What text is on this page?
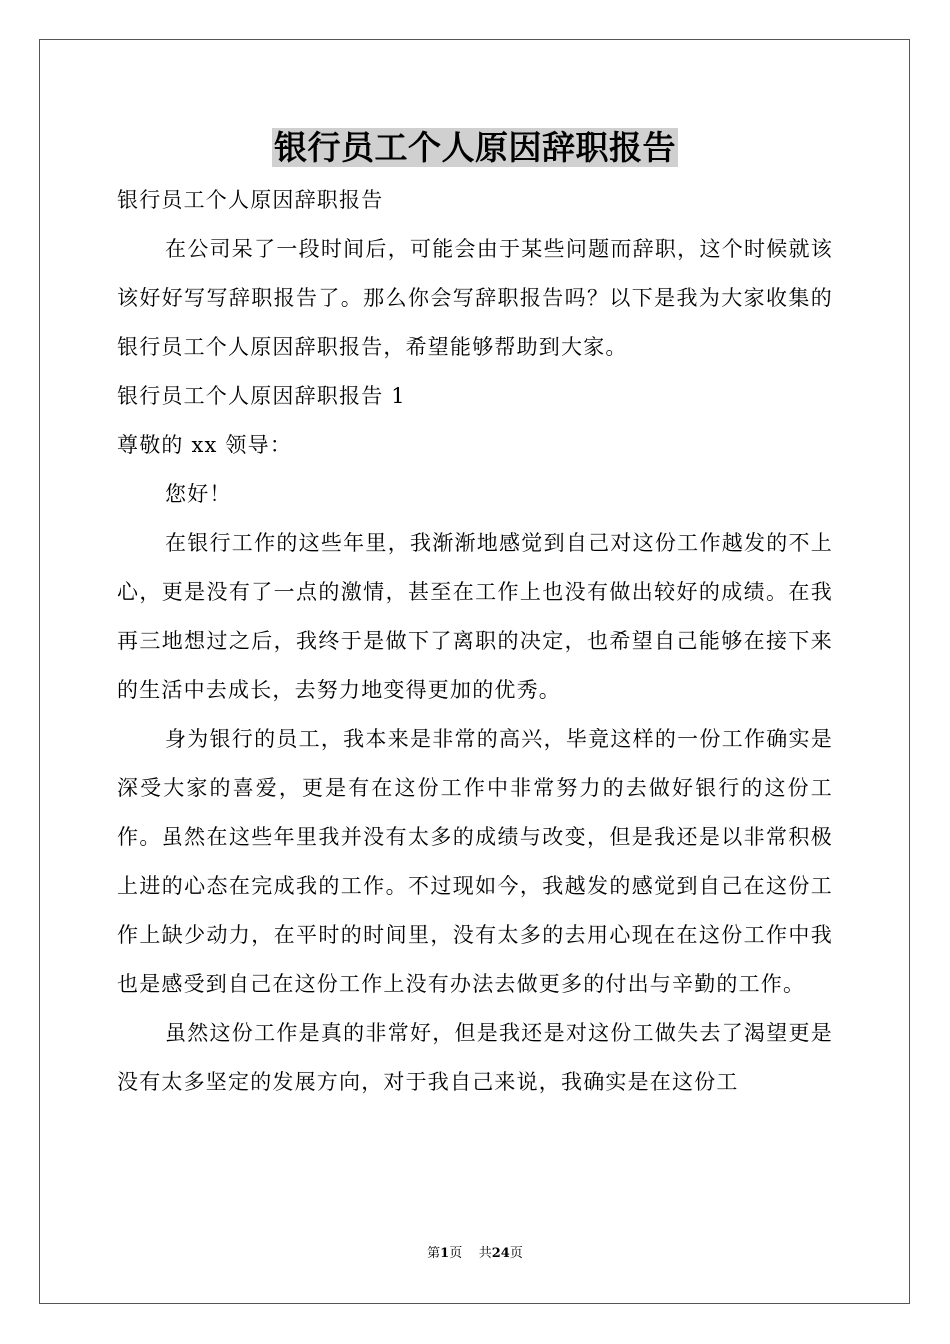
银行员工个人原因辞职报告

银行员工个人原因辞职报告

在公司呆了一段时间后，可能会由于某些问题而辞职，这个时候就该该好好写写辞职报告了。那么你会写辞职报告吗？以下是我为大家收集的银行员工个人原因辞职报告，希望能够帮助到大家。

银行员工个人原因辞职报告 1

尊敬的 xx 领导：

您好！

在银行工作的这些年里，我渐渐地感觉到自己对这份工作越发的不上心，更是没有了一点的激情，甚至在工作上也没有做出较好的成绩。在我再三地想过之后，我终于是做下了离职的决定，也希望自己能够在接下来的生活中去成长，去努力地变得更加的优秀。

身为银行的员工，我本来是非常的高兴，毕竟这样的一份工作确实是深受大家的喜爱，更是有在这份工作中非常努力的去做好银行的这份工作。虽然在这些年里我并没有太多的成绩与改变，但是我还是以非常积极上进的心态在完成我的工作。不过现如今，我越发的感觉到自己在这份工作上缺少动力，在平时的时间里，没有太多的去用心现在在这份工作中我也是感受到自己在这份工作上没有办法去做更多的付出与辛勤的工作。

虽然这份工作是真的非常好，但是我还是对这份工做失去了渴望更是没有太多坚定的发展方向，对于我自己来说，我确实是在这份工

第1页 共24页
